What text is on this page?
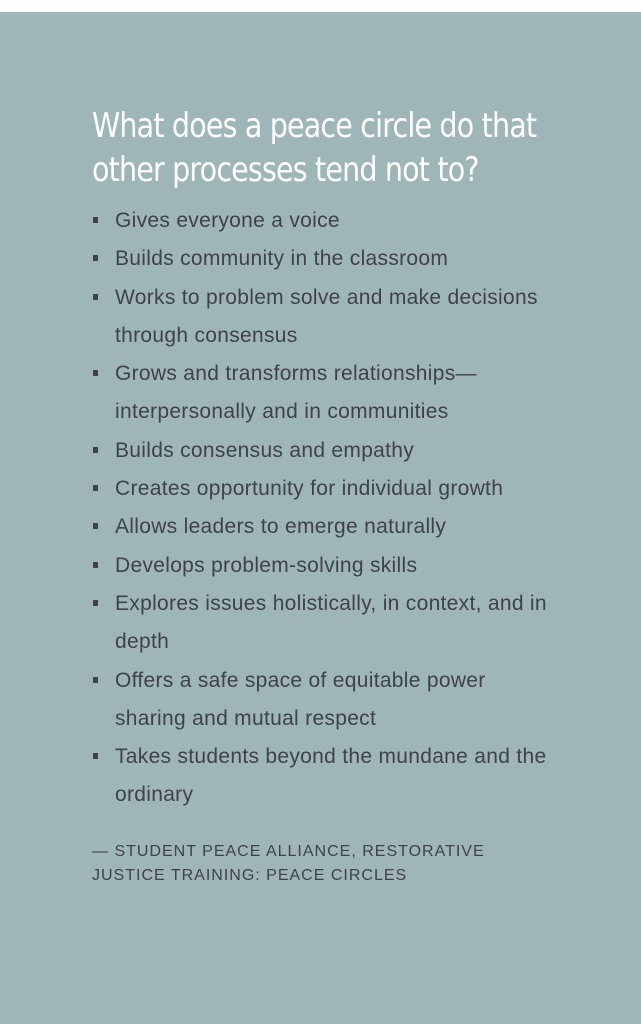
What does a peace circle do that other processes tend not to?
Gives everyone a voice
Builds community in the classroom
Works to problem solve and make decisions through consensus
Grows and transforms relationships—interpersonally and in communities
Builds consensus and empathy
Creates opportunity for individual growth
Allows leaders to emerge naturally
Develops problem-solving skills
Explores issues holistically, in context, and in depth
Offers a safe space of equitable power sharing and mutual respect
Takes students beyond the mundane and the ordinary
— STUDENT PEACE ALLIANCE, RESTORATIVE JUSTICE TRAINING: PEACE CIRCLES
